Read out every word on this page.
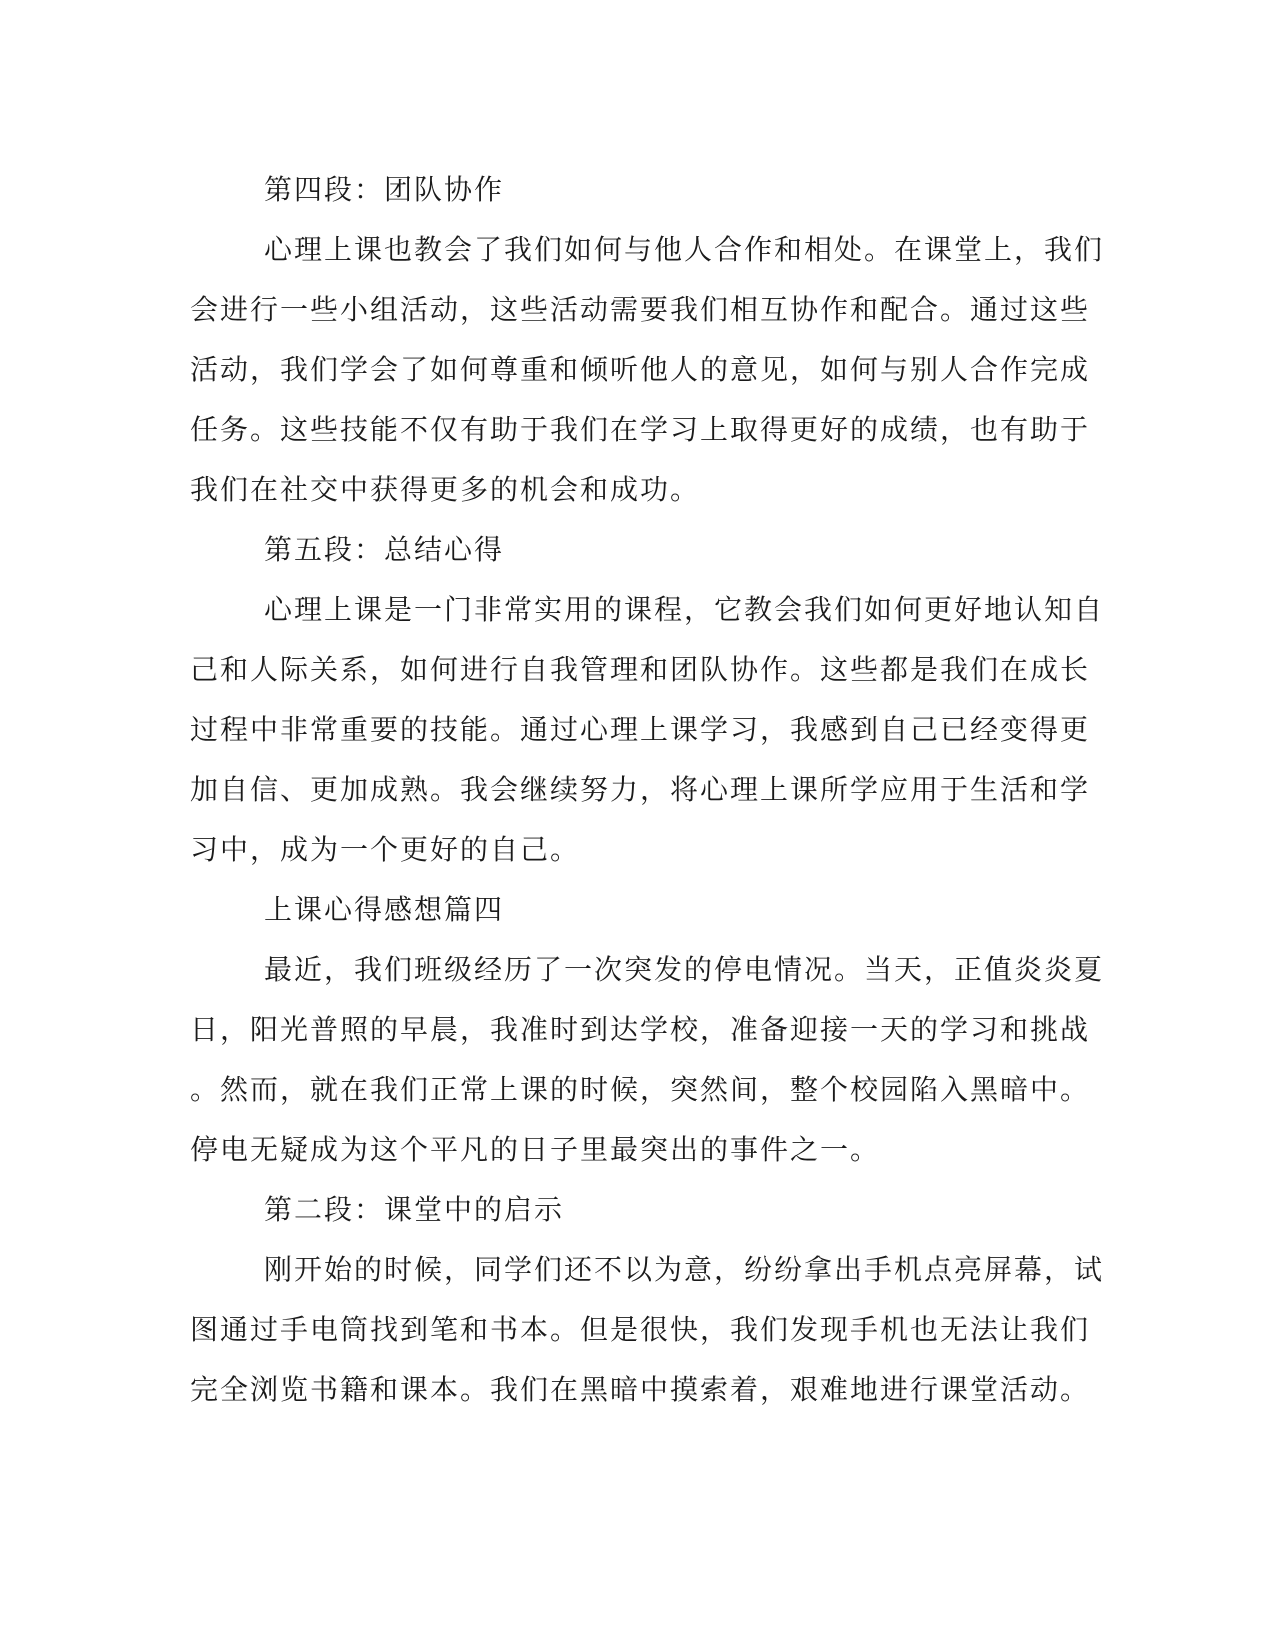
第四段：团队协作
心理上课也教会了我们如何与他人合作和相处。在课堂上，我们
会进行一些小组活动，这些活动需要我们相互协作和配合。通过这些
活动，我们学会了如何尊重和倾听他人的意见，如何与别人合作完成
任务。这些技能不仅有助于我们在学习上取得更好的成绩，也有助于
我们在社交中获得更多的机会和成功。
第五段：总结心得
心理上课是一门非常实用的课程，它教会我们如何更好地认知自
己和人际关系，如何进行自我管理和团队协作。这些都是我们在成长
过程中非常重要的技能。通过心理上课学习，我感到自己已经变得更
加自信、更加成熟。我会继续努力，将心理上课所学应用于生活和学
习中，成为一个更好的自己。
上课心得感想篇四
最近，我们班级经历了一次突发的停电情况。当天，正值炎炎夏
日，阳光普照的早晨，我准时到达学校，准备迎接一天的学习和挑战
。然而，就在我们正常上课的时候，突然间，整个校园陷入黑暗中。
停电无疑成为这个平凡的日子里最突出的事件之一。
第二段：课堂中的启示
刚开始的时候，同学们还不以为意，纷纷拿出手机点亮屏幕，试
图通过手电筒找到笔和书本。但是很快，我们发现手机也无法让我们
完全浏览书籍和课本。我们在黑暗中摸索着，艰难地进行课堂活动。
